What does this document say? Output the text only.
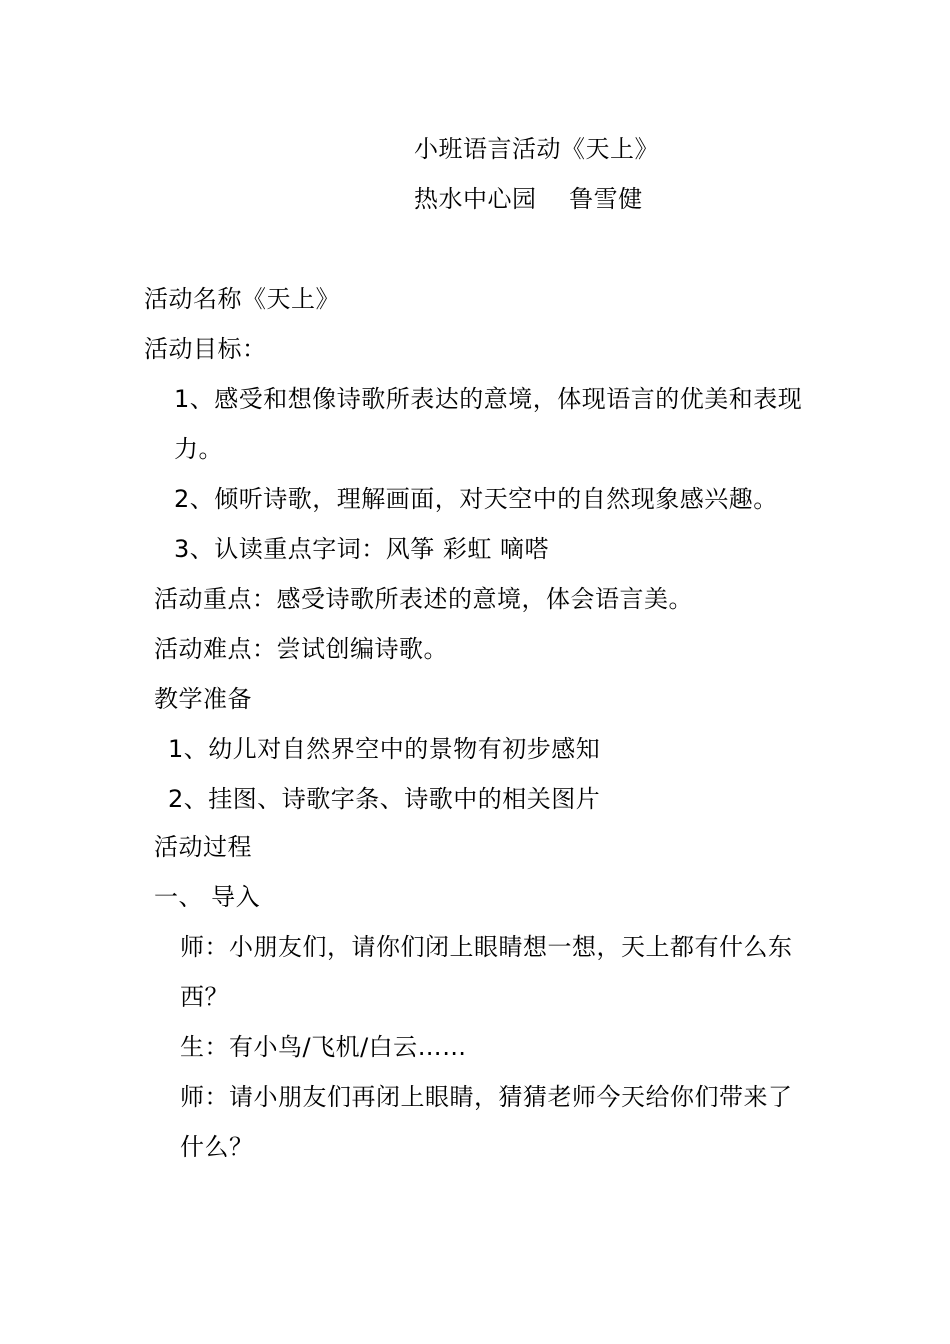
小班语言活动《天上》
热水中心园　 鲁雪健
活动名称《天上》
活动目标：
1、感受和想像诗歌所表达的意境，体现语言的优美和表现
力。
2、倾听诗歌，理解画面，对天空中的自然现象感兴趣。
3、认读重点字词：风筝 彩虹 嘀嗒
活动重点：感受诗歌所表述的意境，体会语言美。
活动难点：尝试创编诗歌。
教学准备
1、幼儿对自然界空中的景物有初步感知
2、挂图、诗歌字条、诗歌中的相关图片
活动过程
一、 导入
师：小朋友们，请你们闭上眼睛想一想，天上都有什么东
西？
生：有小鸟/飞机/白云……
师：请小朋友们再闭上眼睛，猜猜老师今天给你们带来了
什么？
